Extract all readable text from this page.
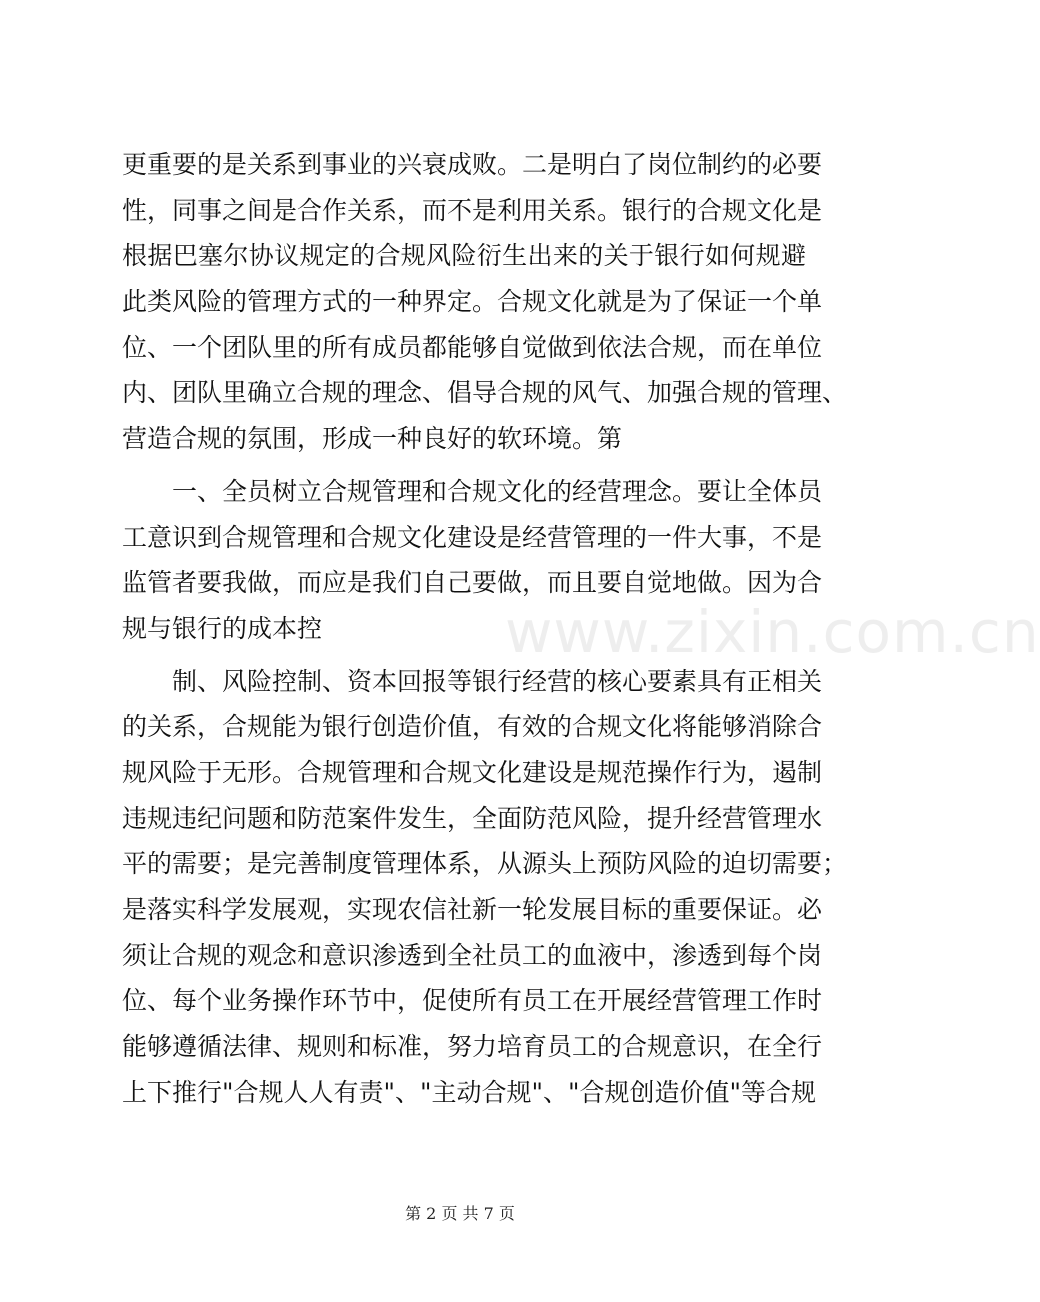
www.zixin.com.cn
更重要的是关系到事业的兴衰成败。二是明白了岗位制约的必要
性，同事之间是合作关系，而不是利用关系。银行的合规文化是
根据巴塞尔协议规定的合规风险衍生出来的关于银行如何规避
此类风险的管理方式的一种界定。合规文化就是为了保证一个单
位、一个团队里的所有成员都能够自觉做到依法合规，而在单位
内、团队里确立合规的理念、倡导合规的风气、加强合规的管理、
营造合规的氛围，形成一种良好的软环境。第
一、全员树立合规管理和合规文化的经营理念。要让全体员
工意识到合规管理和合规文化建设是经营管理的一件大事，不是
监管者要我做，而应是我们自己要做，而且要自觉地做。因为合
规与银行的成本控
制、风险控制、资本回报等银行经营的核心要素具有正相关
的关系，合规能为银行创造价值，有效的合规文化将能够消除合
规风险于无形。合规管理和合规文化建设是规范操作行为，遏制
违规违纪问题和防范案件发生，全面防范风险，提升经营管理水
平的需要；是完善制度管理体系，从源头上预防风险的迫切需要；
是落实科学发展观，实现农信社新一轮发展目标的重要保证。必
须让合规的观念和意识渗透到全社员工的血液中，渗透到每个岗
位、每个业务操作环节中，促使所有员工在开展经营管理工作时
能够遵循法律、规则和标准，努力培育员工的合规意识，在全行
上下推行"合规人人有责"、"主动合规"、"合规创造价值"等合规
第 2 页 共 7 页
